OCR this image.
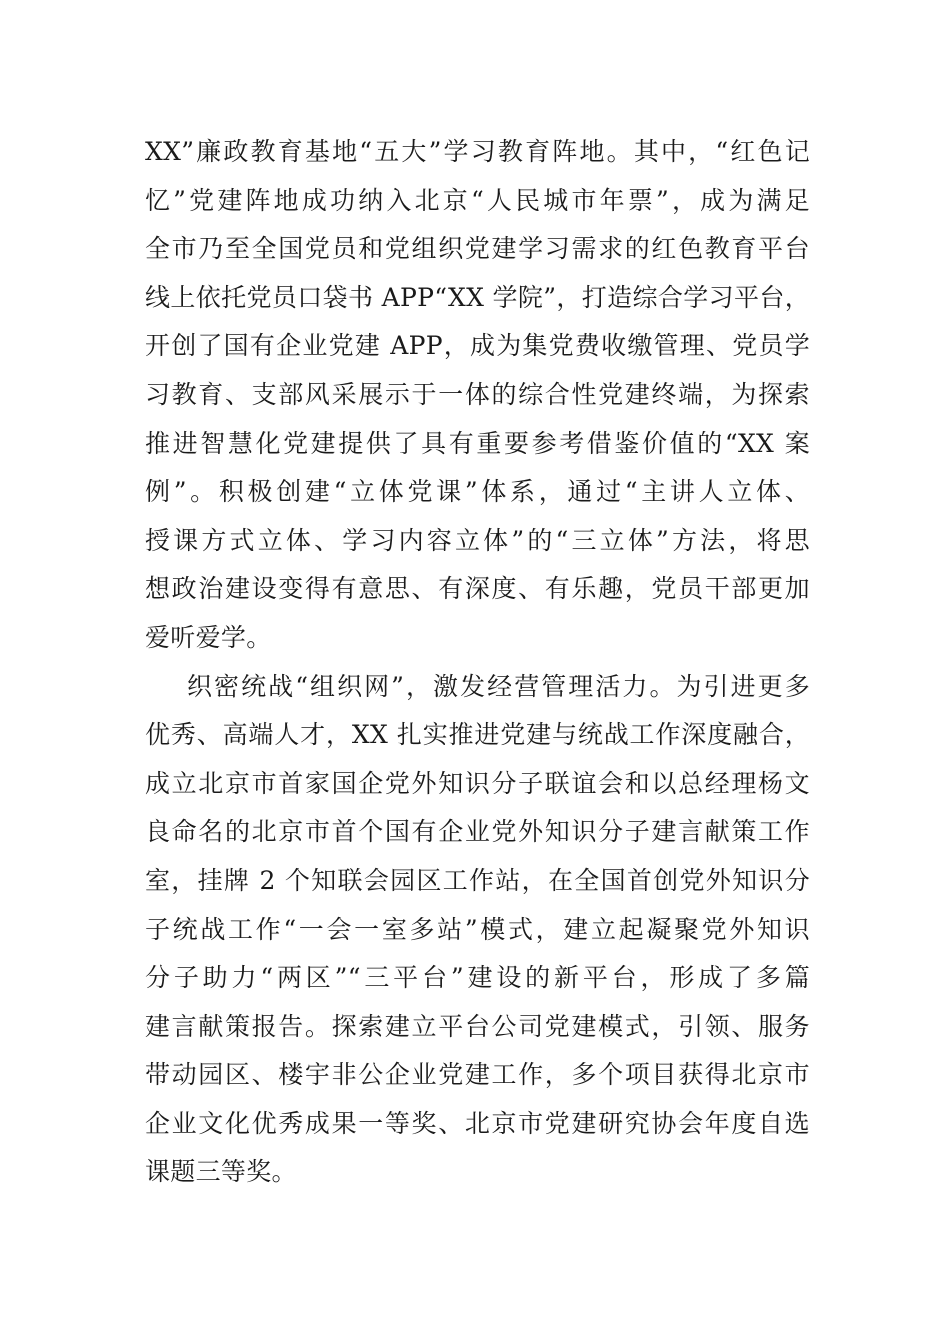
XX”廉政教育基地“五大”学习教育阵地。其中，“红色记
忆”党建阵地成功纳入北京“人民城市年票”，成为满足
全市乃至全国党员和党组织党建学习需求的红色教育平台
线上依托党员口袋书 APP“XX 学院”，打造综合学习平台，
开创了国有企业党建 APP，成为集党费收缴管理、党员学
习教育、支部风采展示于一体的综合性党建终端，为探索
推进智慧化党建提供了具有重要参考借鉴价值的“XX 案
例”。积极创建“立体党课”体系，通过“主讲人立体、
授课方式立体、学习内容立体”的“三立体”方法，将思
想政治建设变得有意思、有深度、有乐趣，党员干部更加
爱听爱学。
织密统战“组织网”，激发经营管理活力。为引进更多
优秀、高端人才，XX 扎实推进党建与统战工作深度融合，
成立北京市首家国企党外知识分子联谊会和以总经理杨文
良命名的北京市首个国有企业党外知识分子建言献策工作
室，挂牌 2 个知联会园区工作站，在全国首创党外知识分
子统战工作“一会一室多站”模式，建立起凝聚党外知识
分子助力“两区”“三平台”建设的新平台，形成了多篇
建言献策报告。探索建立平台公司党建模式，引领、服务
带动园区、楼宇非公企业党建工作，多个项目获得北京市
企业文化优秀成果一等奖、北京市党建研究协会年度自选
课题三等奖。
